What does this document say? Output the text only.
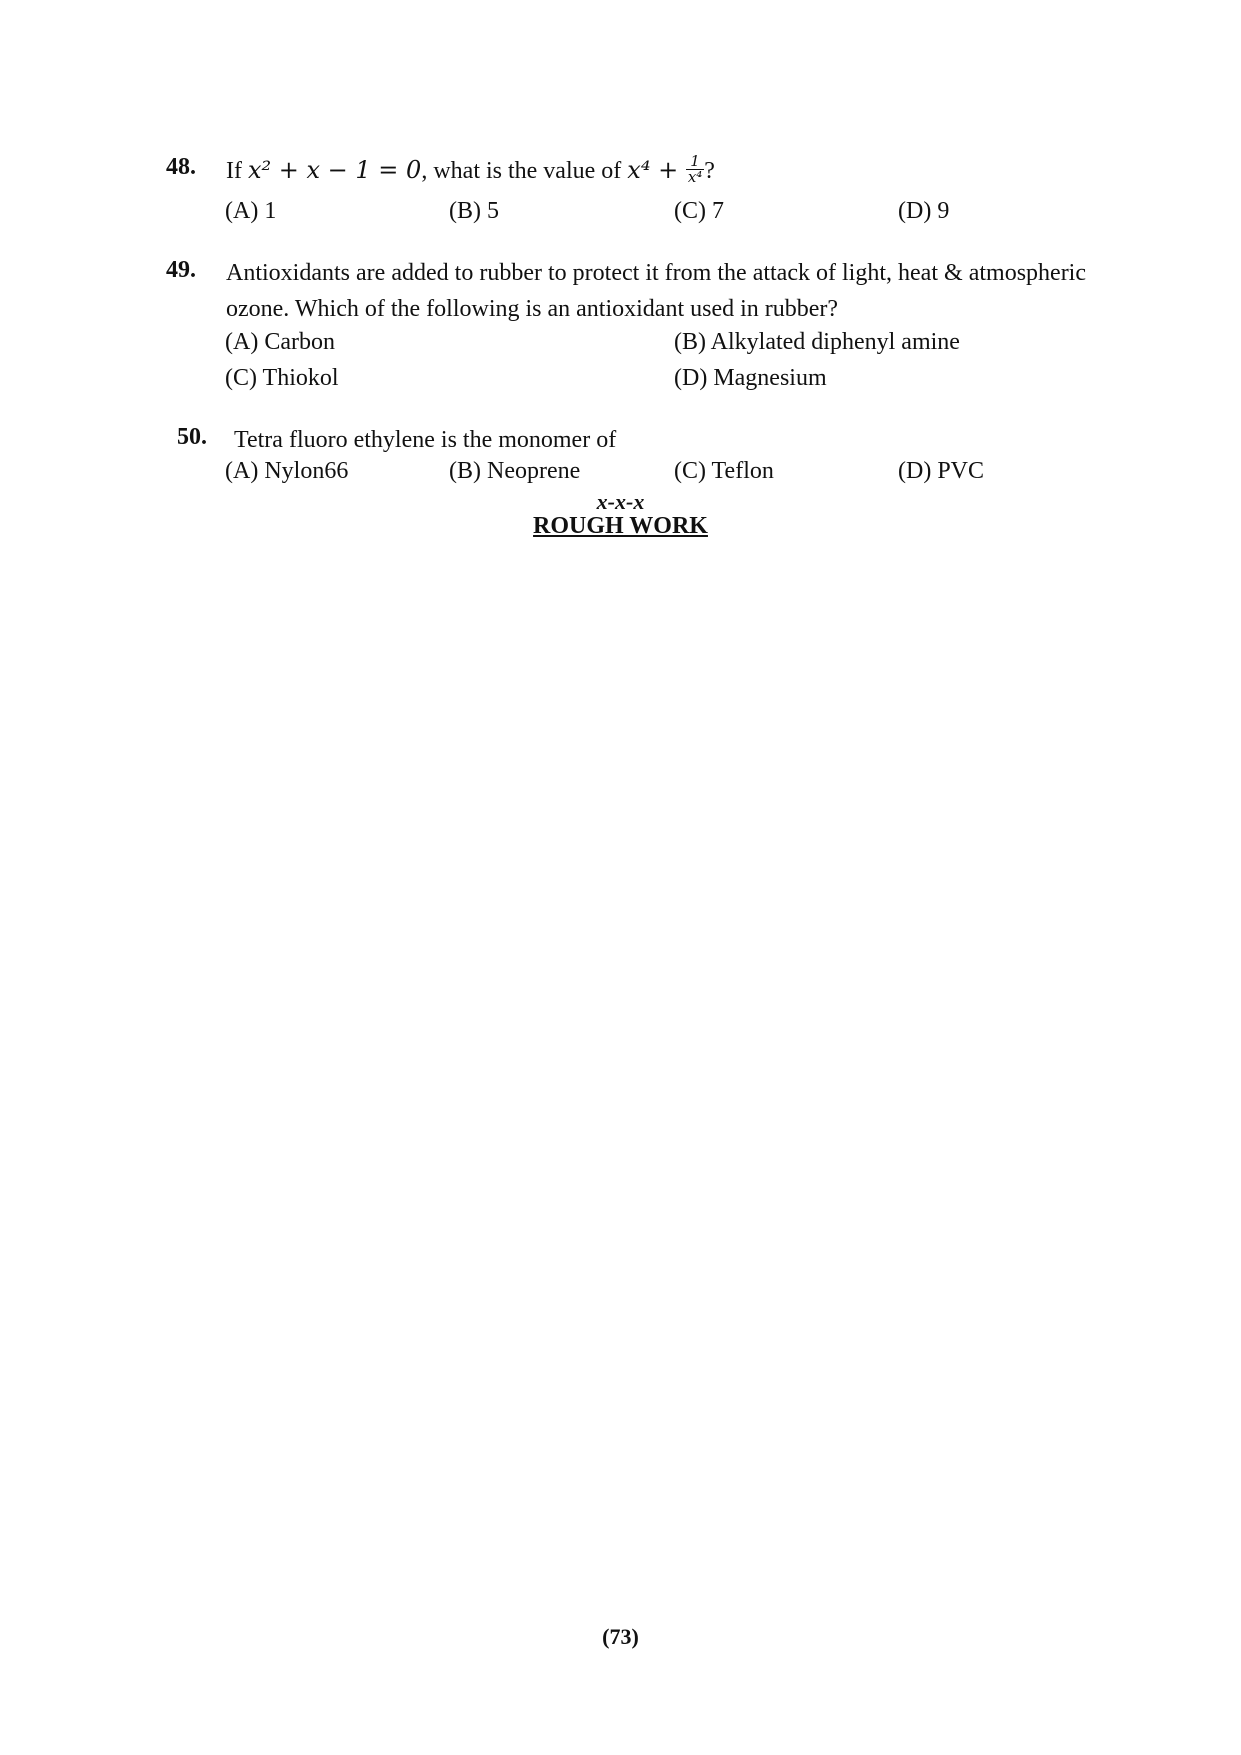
48. If x² + x − 1 = 0, what is the value of $x^4 + \frac{1}{\text{x⁴}}$ ?
(A) 1	(B) 5	(C) 7	(D) 9
49. Antioxidants are added to rubber to protect it from the attack of light, heat & atmospheric ozone. Which of the following is an antioxidant used in rubber?
(A) Carbon	(B) Alkylated diphenyl amine
(C) Thiokol	(D) Magnesium
50. Tetra fluoro ethylene is the monomer of
(A) Nylon66	(B) Neoprene	(C) Teflon	(D) PVC
x-x-x
ROUGH WORK
(73)
